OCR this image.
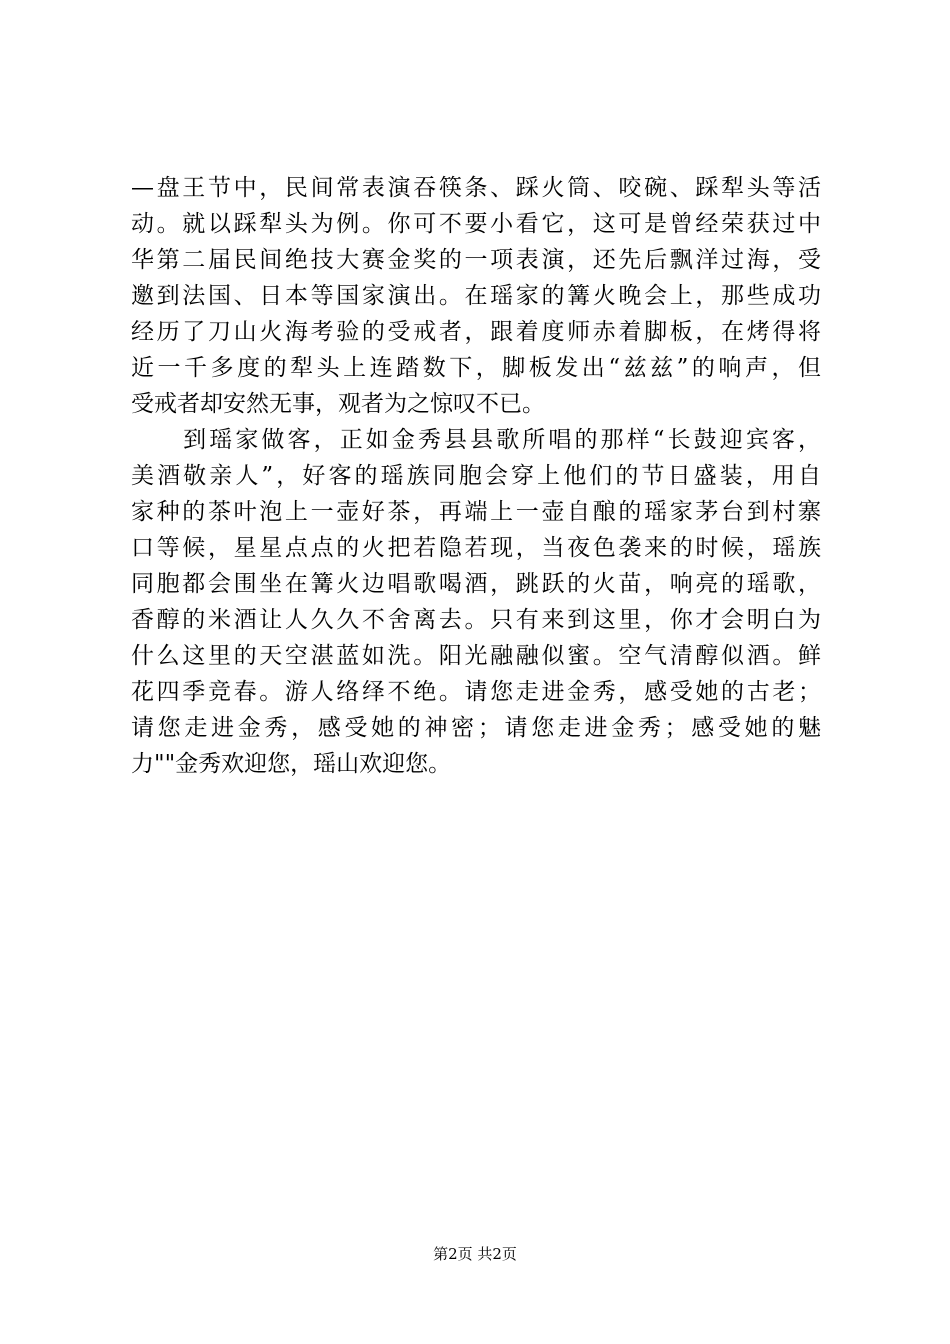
—盘王节中，民间常表演吞筷条、踩火筒、咬碗、踩犁头等活
动。就以踩犁头为例。你可不要小看它，这可是曾经荣获过中
华第二届民间绝技大赛金奖的一项表演，还先后飘洋过海，受
邀到法国、日本等国家演出。在瑶家的篝火晚会上，那些成功
经历了刀山火海考验的受戒者，跟着度师赤着脚板，在烤得将
近一千多度的犁头上连踏数下，脚板发出“兹兹”的响声，但
受戒者却安然无事，观者为之惊叹不已。
　　到瑶家做客，正如金秀县县歌所唱的那样“长鼓迎宾客，
美酒敬亲人”，好客的瑶族同胞会穿上他们的节日盛装，用自
家种的茶叶泡上一壶好茶，再端上一壶自酿的瑶家茅台到村寨
口等候，星星点点的火把若隐若现，当夜色袭来的时候，瑶族
同胞都会围坐在篝火边唱歌喝酒，跳跃的火苗，响亮的瑶歌，
香醇的米酒让人久久不舍离去。只有来到这里，你才会明白为
什么这里的天空湛蓝如洗。阳光融融似蜜。空气清醇似酒。鲜
花四季竞春。游人络绎不绝。请您走进金秀，感受她的古老；
请您走进金秀，感受她的神密；请您走进金秀；感受她的魅
力""金秀欢迎您，瑶山欢迎您。
第2页 共2页
